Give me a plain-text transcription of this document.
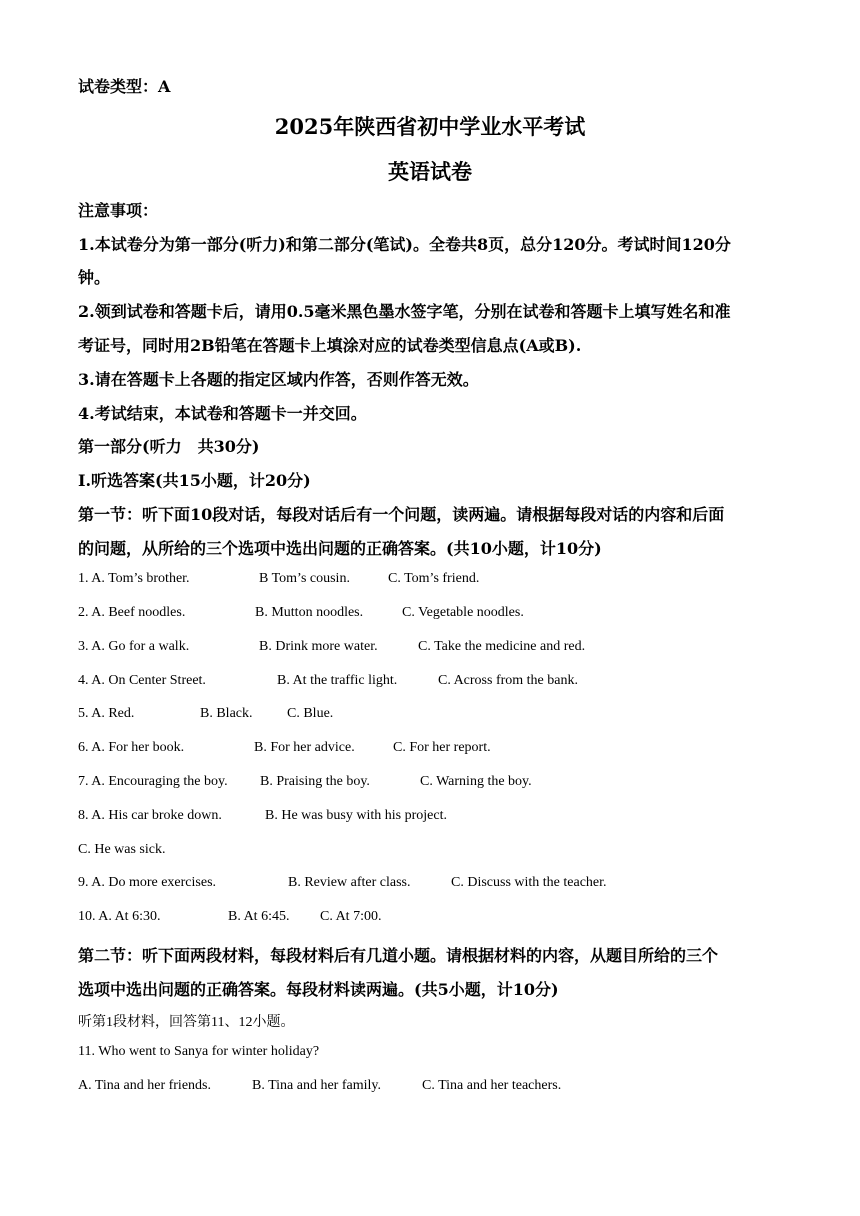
试卷类型：A
2025年陕西省初中学业水平考试
英语试卷
注意事项：
1.本试卷分为第一部分(听力)和第二部分(笔试)。全卷共8页，总分120分。考试时间120分
钟。
2.领到试卷和答题卡后，请用0.5毫米黑色墨水签字笔，分别在试卷和答题卡上填写姓名和准
考证号，同时用2B铅笔在答题卡上填涂对应的试卷类型信息点(A或B).
3.请在答题卡上各题的指定区域内作答，否则作答无效。
4.考试结束，本试卷和答题卡一并交回。
第一部分(听力　共30分)
Ⅰ.听选答案(共15小题，计20分)
第一节：听下面10段对话，每段对话后有一个问题，读两遍。请根据每段对话的内容和后面
的问题，从所给的三个选项中选出问题的正确答案。(共10小题，计10分)
1. A. Tom’s brother.	B Tom’s cousin.	C. Tom’s friend.
2. A. Beef noodles.	B. Mutton noodles.	C. Vegetable noodles.
3. A. Go for a walk.	B. Drink more water.	C. Take the medicine and red.
4. A. On Center Street.	B. At the traffic light.	C. Across from the bank.
5. A. Red.	B. Black. C. Blue.
6. A. For her book.	B. For her advice.	C. For her report.
7. A. Encouraging the boy. B. Praising the boy.	C. Warning the boy.
8. A. His car broke down.	B. He was busy with his project.
C. He was sick.
9. A. Do more exercises.	B. Review after class.	C. Discuss with the teacher.
10. A. At 6:30.	B. At 6:45. C. At 7:00.
第二节：听下面两段材料，每段材料后有几道小题。请根据材料的内容，从题目所给的三个
选项中选出问题的正确答案。每段材料读两遍。(共5小题，计10分)
听第1段材料，回答第11、12小题。
11. Who went to Sanya for winter holiday?
A. Tina and her friends.	B. Tina and her family.	C. Tina and her teachers.
